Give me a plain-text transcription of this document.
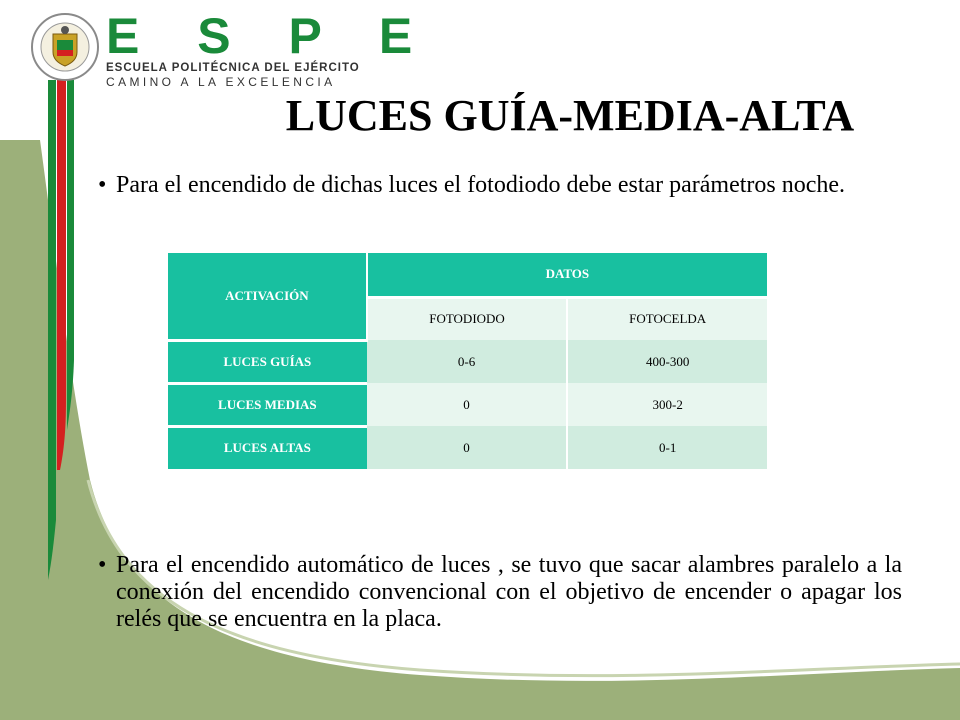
E S P E
ESCUELA POLITÉCNICA DEL EJÉRCITO
CAMINO A LA EXCELENCIA
LUCES GUÍA-MEDIA-ALTA
• Para el encendido de dichas luces el fotodiodo debe estar parámetros noche.
ACTIVACIÓN	DATOS	
	FOTODIODO	FOTOCELDA
LUCES GUÍAS	0-6	400-300
LUCES MEDIAS	0	300-2
LUCES ALTAS	0	0-1
• Para el encendido automático de luces , se tuvo que sacar alambres paralelo a la conexión del encendido convencional con el objetivo de encender o apagar los relés que se encuentra en la placa.
